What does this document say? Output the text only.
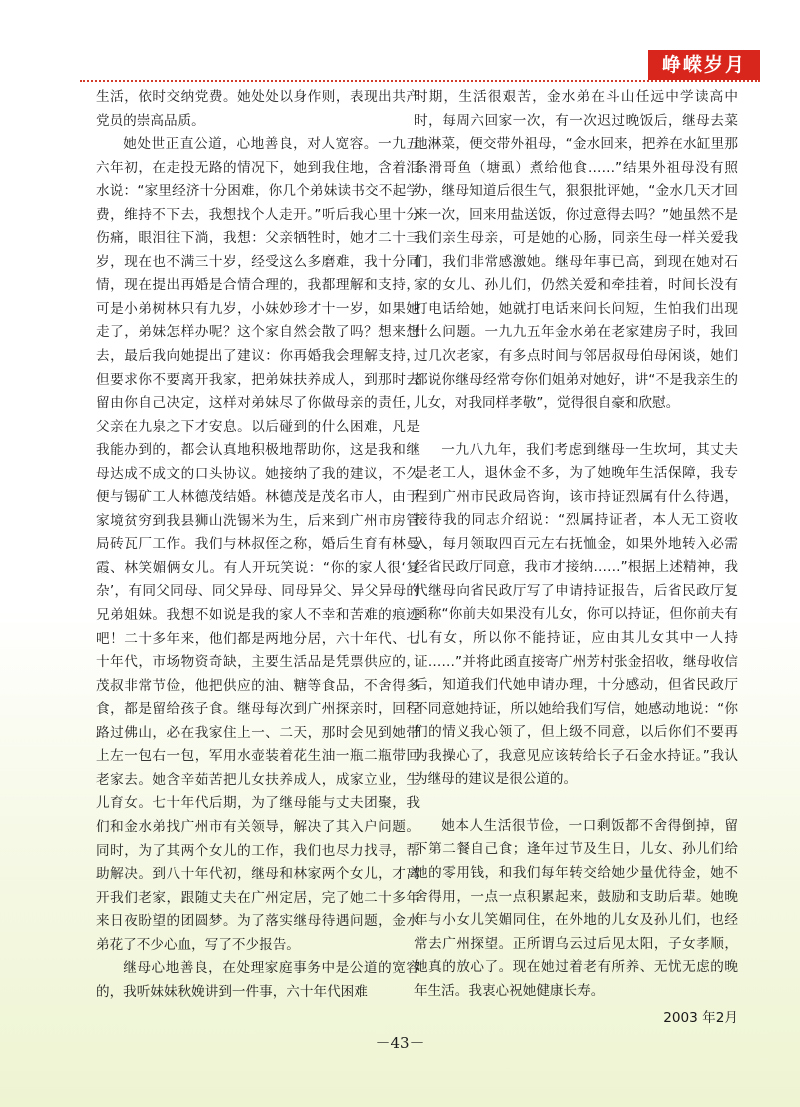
峥嵘岁月

生活，依时交纳党费。她处处以身作则，表现出共产党员的崇高品质。

她处世正直公道，心地善良，对人宽容。一九五六年初，在走投无路的情况下，她到我住地，含着泪水说：“家里经济十分困难，你几个弟妹读书交不起学费，维持不下去，我想找个人走开。”听后我心里十分伤痛，眼泪往下淌，我想：父亲牺牲时，她才二十三岁，现在也不满三十岁，经受这么多磨难，我十分同情，现在提出再婚是合情合理的，我都理解和支持，可是小弟树林只有九岁，小妹妙珍才十一岁，如果她走了，弟妹怎样办呢？这个家自然会散了吗？想来想去，最后我向她提出了建议：你再婚我会理解支持，但要求你不要离开我家，把弟妹扶养成人，到那时去留由你自己决定，这样对弟妹尽了你做母亲的责任，父亲在九泉之下才安息。以后碰到的什么困难，凡是我能办到的，都会认真地积极地帮助你，这是我和继母达成不成文的口头协议。她接纳了我的建议，不久便与锡矿工人林德茂结婚。林德茂是茂名市人，由于家境贫穷到我县狮山洗锡米为生，后来到广州市房管局砖瓦厂工作。我们与林叔侄之称，婚后生育有林曼霞、林笑媚俩女儿。有人开玩笑说：“你的家人很‘复杂’，有同父同母、同父异母、同母异父、异父异母的兄弟姐妹。我想不如说是我的家人不幸和苦难的痕迹吧！二十多年来，他们都是两地分居，六十年代、七十年代，市场物资奇缺，主要生活品是凭票供应的，茂叔非常节俭，他把供应的油、糖等食品，不舍得多食，都是留给孩子食。继母每次到广州探亲时，回程路过佛山，必在我家住上一、二天，那时会见到她带上左一包右一包，军用水壶装着花生油一瓶二瓶带回老家去。她含辛茹苦把儿女扶养成人，成家立业，生儿育女。七十年代后期，为了继母能与丈夫团聚，我们和金水弟找广州市有关领导，解决了其入户问题。同时，为了其两个女儿的工作，我们也尽力找寻，帮助解决。到八十年代初，继母和林家两个女儿，才离开我们老家，跟随丈夫在广州定居，完了她二十多年来日夜盼望的团圆梦。为了落实继母待遇问题，金水弟花了不少心血，写了不少报告。

继母心地善良，在处理家庭事务中是公道的宽容的，我听妹妹秋娩讲到一件事，六十年代困难

时期，生活很艰苦，金水弟在斗山任远中学读高中时，每周六回家一次，有一次迟过晚饭后，继母去菜地淋菜，便交带外祖母，“金水回来，把养在水缸里那条滑哥鱼（塘虱）煮给他食……”结果外祖母没有照办，继母知道后很生气，狠狠批评她，“金水几天才回来一次，回来用盐送饭，你过意得去吗？”她虽然不是我们亲生母亲，可是她的心肠，同亲生母一样关爱我们，我们非常感激她。继母年事已高，到现在她对石家的女儿、孙儿们，仍然关爱和牵挂着，时间长没有打电话给她，她就打电话来问长问短，生怕我们出现什么问题。一九九五年金水弟在老家建房子时，我回过几次老家，有多点时间与邻居叔母伯母闲谈，她们都说你继母经常夸你们姐弟对她好，讲“不是我亲生的儿女，对我同样孝敬”，觉得很自豪和欣慰。

一九八九年，我们考虑到继母一生坎坷，其丈夫是老工人，退休金不多，为了她晚年生活保障，我专程到广州市民政局咨询，该市持证烈属有什么待遇，接待我的同志介绍说：“烈属持证者，本人无工资收入，每月领取四百元左右抚恤金，如果外地转入必需经省民政厅同意，我市才接纳……”根据上述精神，我代继母向省民政厅写了申请持证报告，后省民政厅复函称“你前夫如果没有儿女，你可以持证，但你前夫有儿有女，所以你不能持证，应由其儿女其中一人持证……”并将此函直接寄广州芳村张金招收，继母收信后，知道我们代她申请办理，十分感动，但省民政厅不同意她持证，所以她给我们写信，她感动地说：“你们的情义我心领了，但上级不同意，以后你们不要再为我操心了，我意见应该转给长子石金水持证。”我认为继母的建议是很公道的。

她本人生活很节俭，一口剩饭都不舍得倒掉，留下第二餐自己食；逢年过节及生日，儿女、孙儿们给她的零用钱，和我们每年转交给她少量优待金，她不舍得用，一点一点积累起来，鼓励和支助后辈。她晚年与小女儿笑媚同住，在外地的儿女及孙儿们，也经常去广州探望。正所谓乌云过后见太阳，子女孝顺，她真的放心了。现在她过着老有所养、无忧无虑的晚年生活。我衷心祝她健康长寿。

2003 年2月
－43－
